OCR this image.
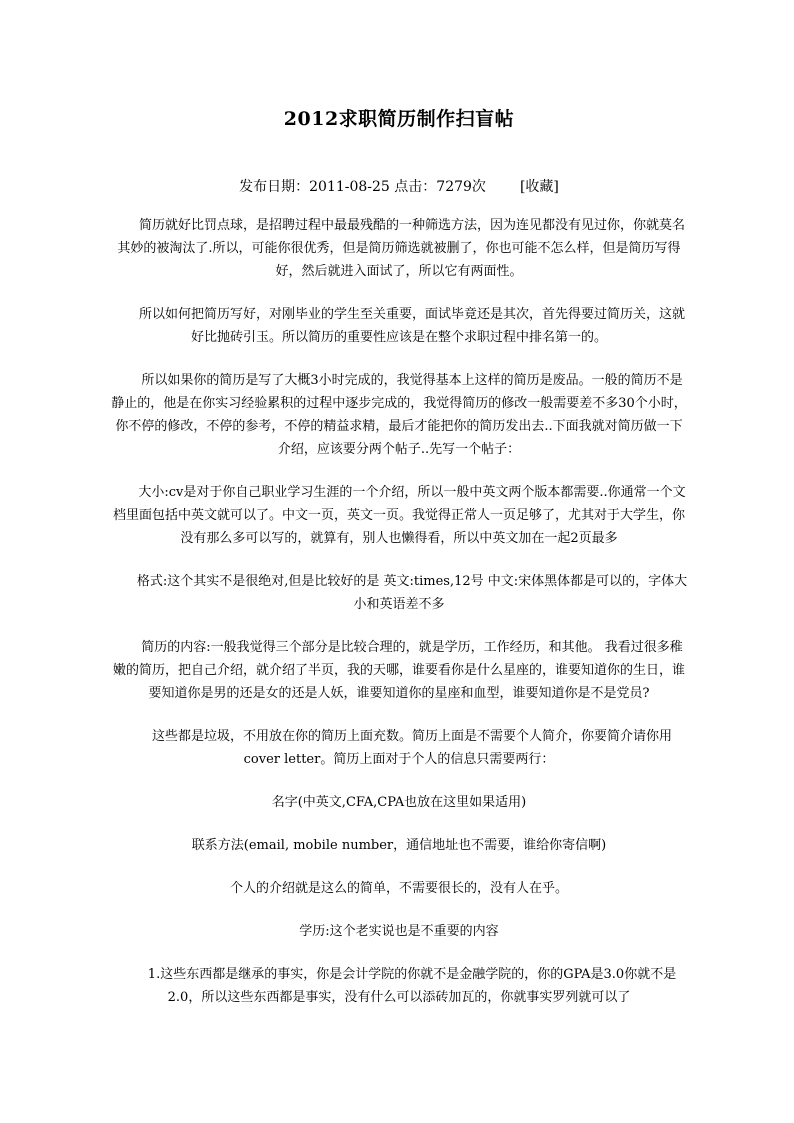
2012求职简历制作扫盲帖
发布日期：2011-08-25 点击：7279次 [收藏]

简历就好比罚点球，是招聘过程中最最残酷的一种筛选方法，因为连见都没有见过你，你就莫名其妙的被淘汰了.所以，可能你很优秀，但是简历筛选就被删了，你也可能不怎么样，但是简历写得好，然后就进入面试了，所以它有两面性。

所以如何把简历写好，对刚毕业的学生至关重要，面试毕竟还是其次，首先得要过简历关，这就好比抛砖引玉。所以简历的重要性应该是在整个求职过程中排名第一的。

所以如果你的简历是写了大概3小时完成的，我觉得基本上这样的简历是废品。一般的简历不是静止的，他是在你实习经验累积的过程中逐步完成的，我觉得简历的修改一般需要差不多30个小时，你不停的修改，不停的参考，不停的精益求精，最后才能把你的简历发出去..下面我就对简历做一下介绍，应该要分两个帖子..先写一个帖子：

大小:cv是对于你自己职业学习生涯的一个介绍，所以一般中英文两个版本都需要..你通常一个文档里面包括中英文就可以了。中文一页，英文一页。我觉得正常人一页足够了，尤其对于大学生，你没有那么多可以写的，就算有，别人也懒得看，所以中英文加在一起2页最多

格式:这个其实不是很绝对,但是比较好的是 英文:times,12号 中文:宋体黑体都是可以的，字体大小和英语差不多

简历的内容:一般我觉得三个部分是比较合理的，就是学历，工作经历，和其他。 我看过很多稚嫩的简历，把自己介绍，就介绍了半页，我的天哪，谁要看你是什么星座的，谁要知道你的生日，谁要知道你是男的还是女的还是人妖，谁要知道你的星座和血型，谁要知道你是不是党员?

这些都是垃圾，不用放在你的简历上面充数。简历上面是不需要个人简介，你要简介请你用cover letter。简历上面对于个人的信息只需要两行：

名字(中英文,CFA,CPA也放在这里如果适用)

联系方法(email, mobile number，通信地址也不需要，谁给你寄信啊)

个人的介绍就是这么的简单，不需要很长的，没有人在乎。

学历:这个老实说也是不重要的内容

1.这些东西都是继承的事实，你是会计学院的你就不是金融学院的，你的GPA是3.0你就不是2.0，所以这些东西都是事实，没有什么可以添砖加瓦的，你就事实罗列就可以了
